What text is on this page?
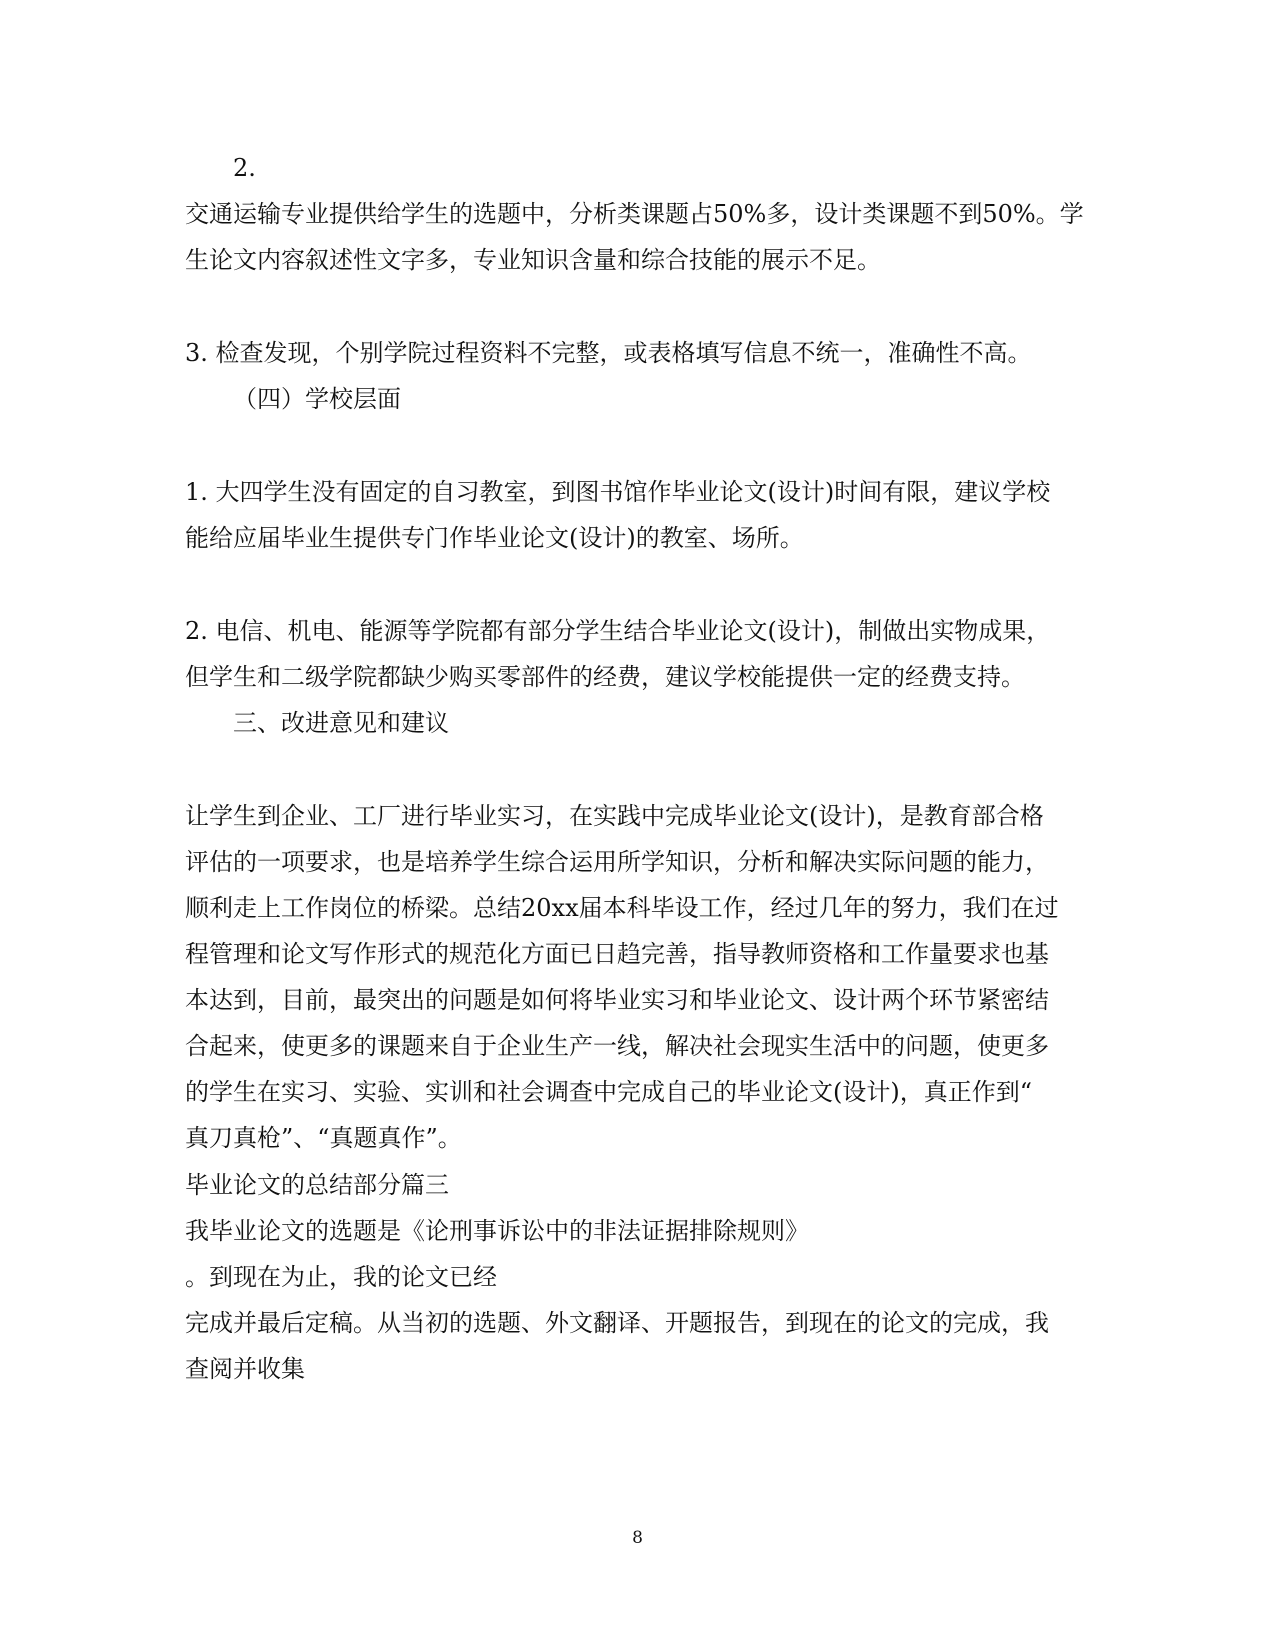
2.
交通运输专业提供给学生的选题中，分析类课题占50%多，设计类课题不到50%。学
生论文内容叙述性文字多，专业知识含量和综合技能的展示不足。
3. 检查发现，个别学院过程资料不完整，或表格填写信息不统一，准确性不高。
（四）学校层面
1. 大四学生没有固定的自习教室，到图书馆作毕业论文(设计)时间有限，建议学校
能给应届毕业生提供专门作毕业论文(设计)的教室、场所。
2. 电信、机电、能源等学院都有部分学生结合毕业论文(设计)，制做出实物成果，
但学生和二级学院都缺少购买零部件的经费，建议学校能提供一定的经费支持。
三、改进意见和建议
让学生到企业、工厂进行毕业实习，在实践中完成毕业论文(设计)，是教育部合格
评估的一项要求，也是培养学生综合运用所学知识，分析和解决实际问题的能力，
顺利走上工作岗位的桥梁。总结20xx届本科毕设工作，经过几年的努力，我们在过
程管理和论文写作形式的规范化方面已日趋完善，指导教师资格和工作量要求也基
本达到，目前，最突出的问题是如何将毕业实习和毕业论文、设计两个环节紧密结
合起来，使更多的课题来自于企业生产一线，解决社会现实生活中的问题，使更多
的学生在实习、实验、实训和社会调查中完成自己的毕业论文(设计)，真正作到“
真刀真枪”、“真题真作”。
毕业论文的总结部分篇三
我毕业论文的选题是《论刑事诉讼中的非法证据排除规则》
。到现在为止，我的论文已经
完成并最后定稿。从当初的选题、外文翻译、开题报告，到现在的论文的完成，我
查阅并收集
8
